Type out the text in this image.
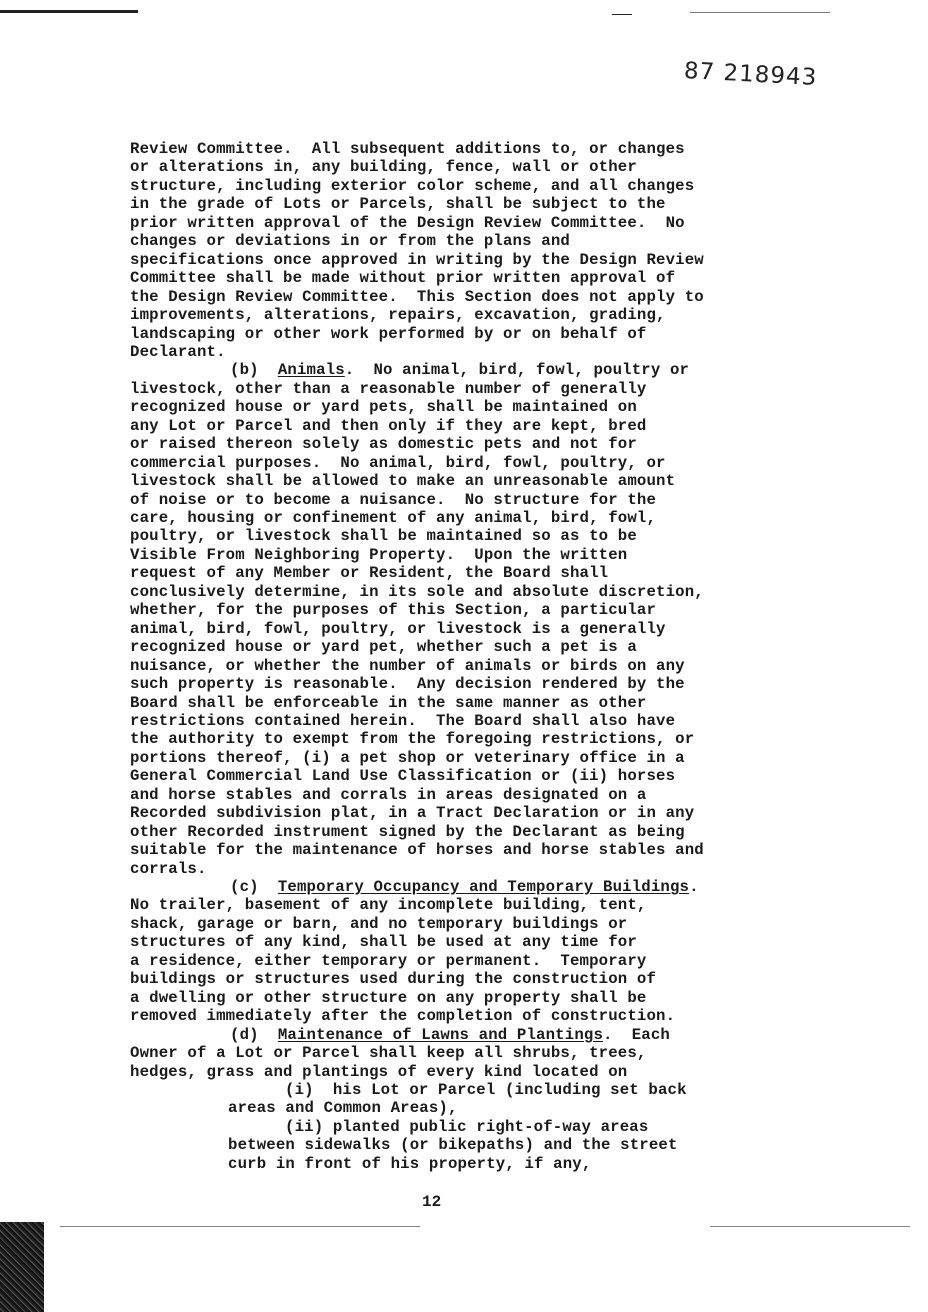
87 218943
Review Committee.  All subsequent additions to, or changes
or alterations in, any building, fence, wall or other
structure, including exterior color scheme, and all changes
in the grade of Lots or Parcels, shall be subject to the
prior written approval of the Design Review Committee.  No
changes or deviations in or from the plans and
specifications once approved in writing by the Design Review
Committee shall be made without prior written approval of
the Design Review Committee.  This Section does not apply to
improvements, alterations, repairs, excavation, grading,
landscaping or other work performed by or on behalf of
Declarant.
(b)  Animals.  No animal, bird, fowl, poultry or
livestock, other than a reasonable number of generally
recognized house or yard pets, shall be maintained on
any Lot or Parcel and then only if they are kept, bred
or raised thereon solely as domestic pets and not for
commercial purposes.  No animal, bird, fowl, poultry, or
livestock shall be allowed to make an unreasonable amount
of noise or to become a nuisance.  No structure for the
care, housing or confinement of any animal, bird, fowl,
poultry, or livestock shall be maintained so as to be
Visible From Neighboring Property.  Upon the written
request of any Member or Resident, the Board shall
conclusively determine, in its sole and absolute discretion,
whether, for the purposes of this Section, a particular
animal, bird, fowl, poultry, or livestock is a generally
recognized house or yard pet, whether such a pet is a
nuisance, or whether the number of animals or birds on any
such property is reasonable.  Any decision rendered by the
Board shall be enforceable in the same manner as other
restrictions contained herein.  The Board shall also have
the authority to exempt from the foregoing restrictions, or
portions thereof, (i) a pet shop or veterinary office in a
General Commercial Land Use Classification or (ii) horses
and horse stables and corrals in areas designated on a
Recorded subdivision plat, in a Tract Declaration or in any
other Recorded instrument signed by the Declarant as being
suitable for the maintenance of horses and horse stables and
corrals.
(c)  Temporary Occupancy and Temporary Buildings.
No trailer, basement of any incomplete building, tent,
shack, garage or barn, and no temporary buildings or
structures of any kind, shall be used at any time for
a residence, either temporary or permanent.  Temporary
buildings or structures used during the construction of
a dwelling or other structure on any property shall be
removed immediately after the completion of construction.
(d)  Maintenance of Lawns and Plantings.  Each
Owner of a Lot or Parcel shall keep all shrubs, trees,
hedges, grass and plantings of every kind located on
(i)  his Lot or Parcel (including set back
areas and Common Areas),
(ii) planted public right-of-way areas
between sidewalks (or bikepaths) and the street
curb in front of his property, if any,
12
